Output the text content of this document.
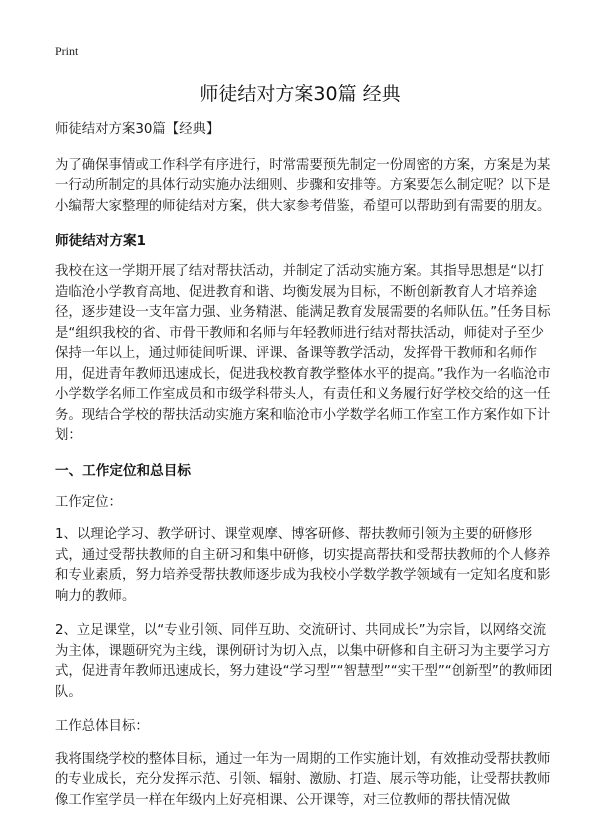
Print
师徒结对方案30篇 经典

师徒结对方案30篇【经典】

为了确保事情或工作科学有序进行，时常需要预先制定一份周密的方案，方案是为某一行动所制定的具体行动实施办法细则、步骤和安排等。方案要怎么制定呢？以下是小编帮大家整理的师徒结对方案，供大家参考借鉴，希望可以帮助到有需要的朋友。

师徒结对方案1

我校在这一学期开展了结对帮扶活动，并制定了活动实施方案。其指导思想是“以打造临沧小学教育高地、促进教育和谐、均衡发展为目标，不断创新教育人才培养途径，逐步建设一支年富力强、业务精湛、能满足教育发展需要的名师队伍。”任务目标是“组织我校的省、市骨干教师和名师与年轻教师进行结对帮扶活动，师徒对子至少保持一年以上，通过师徒间听课、评课、备课等教学活动，发挥骨干教师和名师作用，促进青年教师迅速成长，促进我校教育教学整体水平的提高。”我作为一名临沧市小学数学名师工作室成员和市级学科带头人，有责任和义务履行好学校交给的这一任务。现结合学校的帮扶活动实施方案和临沧市小学数学名师工作室工作方案作如下计划：

一、工作定位和总目标

工作定位：

1、以理论学习、教学研讨、课堂观摩、博客研修、帮扶教师引领为主要的研修形式，通过受帮扶教师的自主研习和集中研修，切实提高帮扶和受帮扶教师的个人修养和专业素质，努力培养受帮扶教师逐步成为我校小学数学教学领域有一定知名度和影响力的教师。

2、立足课堂，以“专业引领、同伴互助、交流研讨、共同成长”为宗旨，以网络交流为主体，课题研究为主线，课例研讨为切入点，以集中研修和自主研习为主要学习方式，促进青年教师迅速成长，努力建设“学习型”“智慧型”“实干型”“创新型”的教师团队。

工作总体目标：

我将围绕学校的整体目标，通过一年为一周期的工作实施计划，有效推动受帮扶教师的专业成长，充分发挥示范、引领、辐射、激励、打造、展示等功能，让受帮扶教师像工作室学员一样在年级内上好亮相课、公开课等，对三位教师的帮扶情况做
